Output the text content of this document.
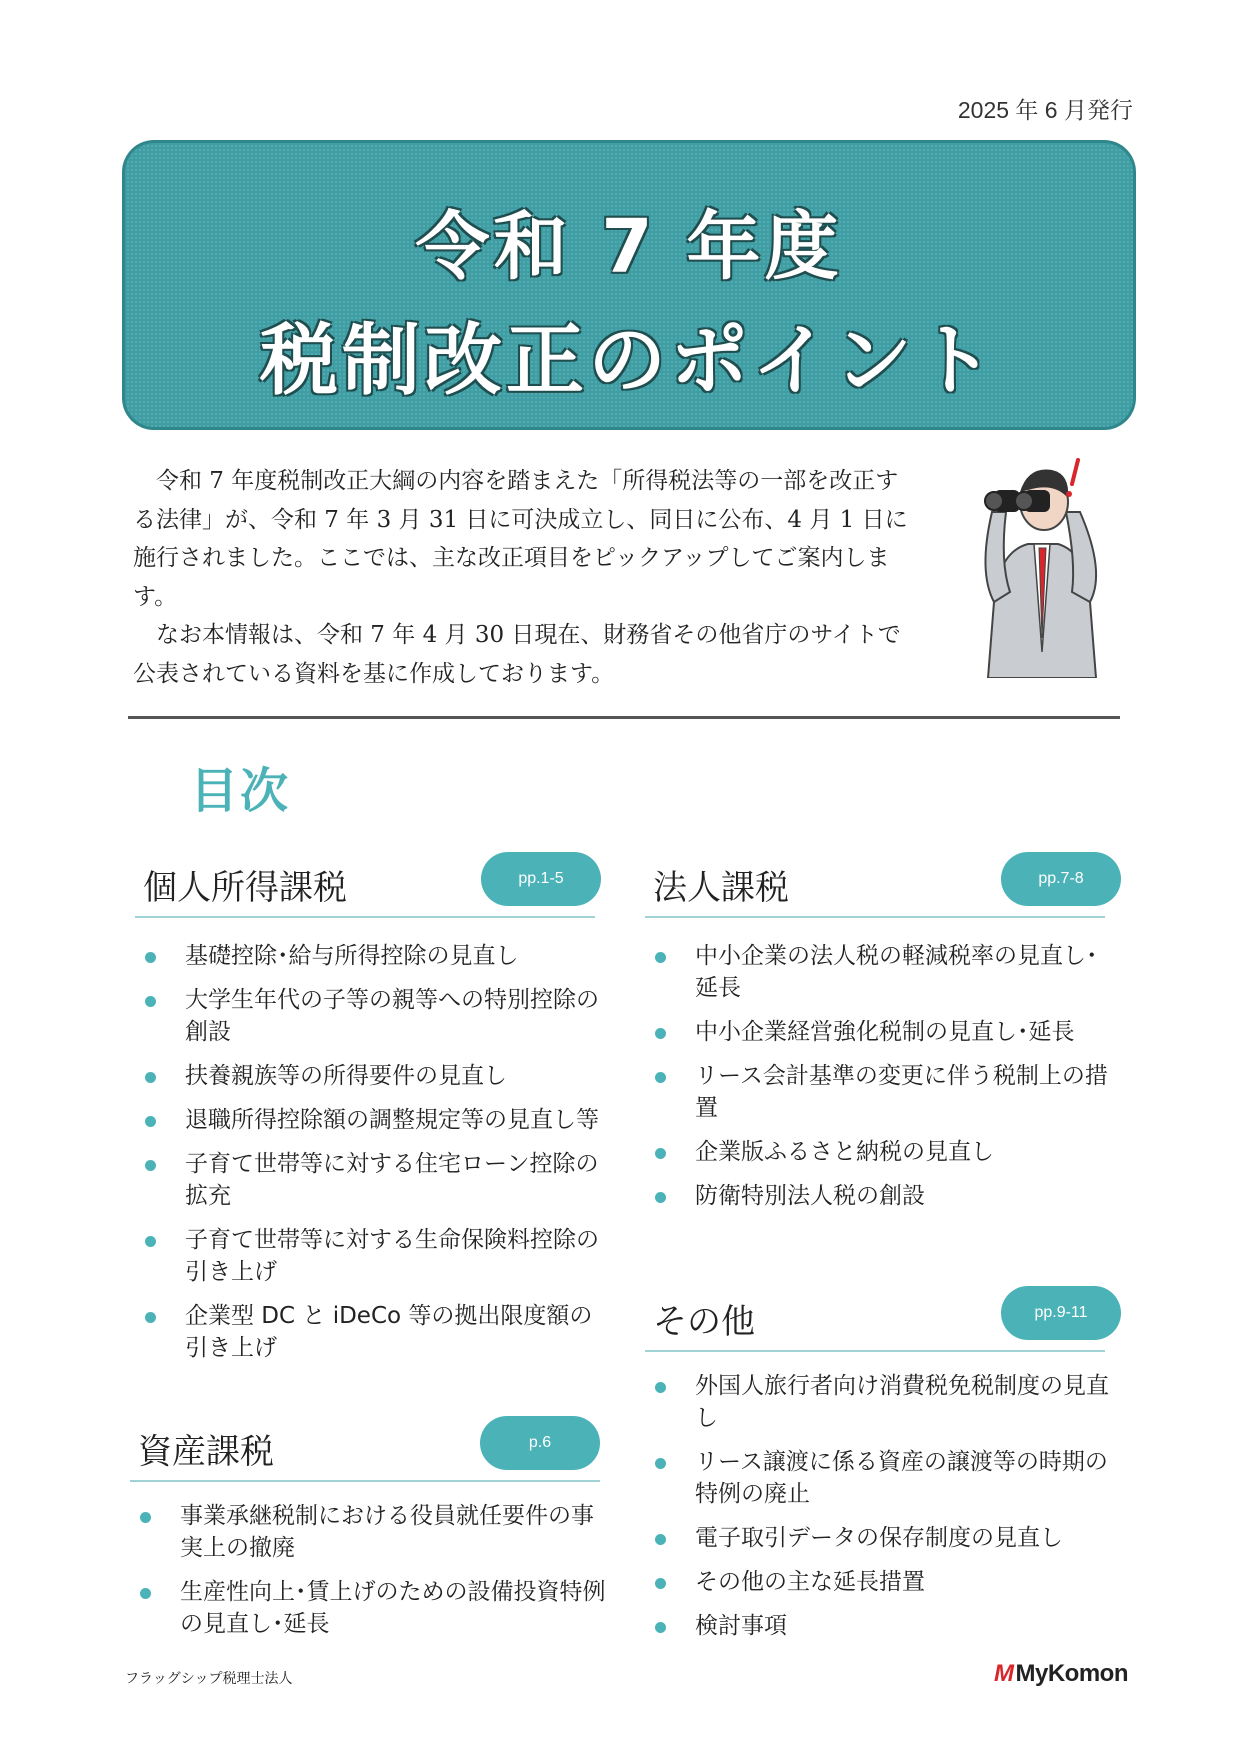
2025 年 6 月発行
令和 7 年度
税制改正のポイント

令和 7 年度税制改正大綱の内容を踏まえた「所得税法等の一部を改正する法律」が、令和 7 年 3 月 31 日に可決成立し、同日に公布、4 月 1 日に施行されました。ここでは、主な改正項目をピックアップしてご案内します。

なお本情報は、令和 7 年 4 月 30 日現在、財務省その他省庁のサイトで公表されている資料を基に作成しております。

目次
個人所得課税	pp.1-5
基礎控除･給与所得控除の見直し
大学生年代の子等の親等への特別控除の創設
扶養親族等の所得要件の見直し
退職所得控除額の調整規定等の見直し等
子育て世帯等に対する住宅ローン控除の拡充
子育て世帯等に対する生命保険料控除の引き上げ
企業型 DC と iDeCo 等の拠出限度額の引き上げ
資産課税	p.6
事業承継税制における役員就任要件の事実上の撤廃
生産性向上･賃上げのための設備投資特例の見直し･延長
法人課税	pp.7-8
中小企業の法人税の軽減税率の見直し･延長
中小企業経営強化税制の見直し･延長
リース会計基準の変更に伴う税制上の措置
企業版ふるさと納税の見直し
防衛特別法人税の創設
その他	pp.9-11
外国人旅行者向け消費税免税制度の見直し
リース譲渡に係る資産の譲渡等の時期の特例の廃止
電子取引データの保存制度の見直し
その他の主な延長措置
検討事項
フラッグシップ税理士法人	MMyKomon
